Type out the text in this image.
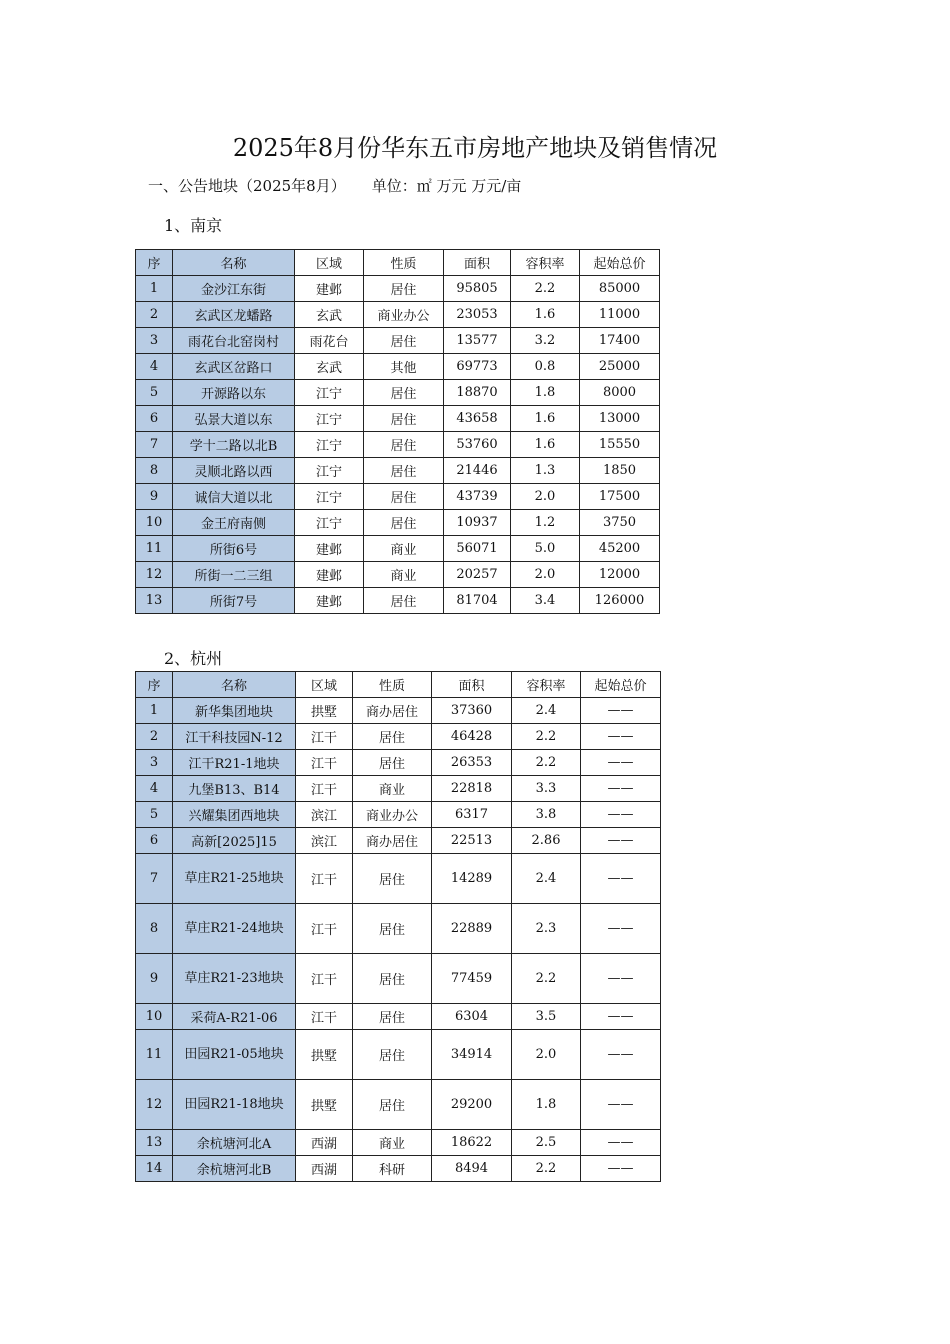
2025年8月份华东五市房地产地块及销售情况
一、公告地块（2025年8月） 单位：㎡ 万元 万元/亩
1、南京
序	名称	区域	性质	面积	容积率	起始总价
1	金沙江东街	建邺	居住	95805	2.2	85000
2	玄武区龙蟠路	玄武	商业办公	23053	1.6	11000
3	雨花台北窑岗村	雨花台	居住	13577	3.2	17400
4	玄武区岔路口	玄武	其他	69773	0.8	25000
5	开源路以东	江宁	居住	18870	1.8	8000
6	弘景大道以东	江宁	居住	43658	1.6	13000
7	学十二路以北B	江宁	居住	53760	1.6	15550
8	灵顺北路以西	江宁	居住	21446	1.3	1850
9	诚信大道以北	江宁	居住	43739	2.0	17500
10	金王府南侧	江宁	居住	10937	1.2	3750
11	所街6号	建邺	商业	56071	5.0	45200
12	所街一二三组	建邺	商业	20257	2.0	12000
13	所街7号	建邺	居住	81704	3.4	126000
2、杭州
序	名称	区域	性质	面积	容积率	起始总价
1	新华集团地块	拱墅	商办居住	37360	2.4	——
2	江干科技园N-12	江干	居住	46428	2.2	——
3	江干R21-1地块	江干	居住	26353	2.2	——
4	九堡B13、B14	江干	商业	22818	3.3	——
5	兴耀集团西地块	滨江	商业办公	6317	3.8	——
6	高新[2025]15	滨江	商办居住	22513	2.86	——
7	草庄R21-25地块	江干	居住	14289	2.4	——
8	草庄R21-24地块	江干	居住	22889	2.3	——
9	草庄R21-23地块	江干	居住	77459	2.2	——
10	采荷A-R21-06	江干	居住	6304	3.5	——
11	田园R21-05地块	拱墅	居住	34914	2.0	——
12	田园R21-18地块	拱墅	居住	29200	1.8	——
13	余杭塘河北A	西湖	商业	18622	2.5	——
14	余杭塘河北B	西湖	科研	8494	2.2	——
